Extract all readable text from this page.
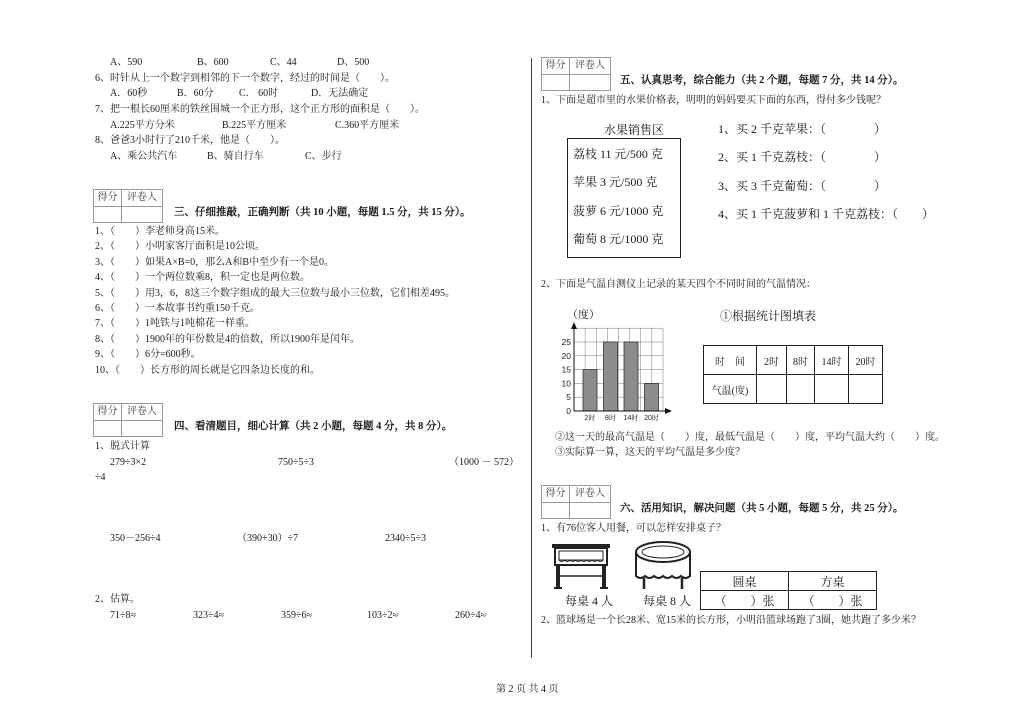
A、590	B、600	C、44	D、500
6、时针从上一个数字到相邻的下一个数字，经过的时间是（　　）。
A．60秒	B．60分	C． 60时	D．无法确定
7、把一根长60厘米的铁丝围城一个正方形，这个正方形的面积是（　　）。
A.225平方分米	B.225平方厘米	C.360平方厘米
8、爸爸3小时行了210千米，他是（　　）。
A、乘公共汽车	B、骑自行车	C、步行
得分 评卷人
三、仔细推敲，正确判断（共 10 小题，每题 1.5 分，共 15 分）。
1、（　　）李老师身高15米。
2、（　　）小明家客厅面积是10公顷。
3、（　　）如果A×B=0，那么A和B中至少有一个是0。
4、（　　）一个两位数乘8，积一定也是两位数。
5、（　　）用3，6，8这三个数字组成的最大三位数与最小三位数，它们相差495。
6、（　　）一本故事书约重150千克。
7、（　　）1吨铁与1吨棉花一样重。
8、（　　）1900年的年份数是4的倍数，所以1900年是闰年。
9、（　　）6分=600秒。
10、（　　）长方形的周长就是它四条边长度的和。
得分 评卷人
四、看清题目，细心计算（共 2 小题，每题 4 分，共 8 分）。
1、脱式计算
279÷3×2	750÷5÷3	（1000 － 572）
÷4
350－256÷4	（390+30）÷7	2340÷5÷3
2、估算。
71÷8≈	323÷4≈	359÷6≈	103÷2≈	260÷4≈
得分 评卷人
五、认真思考，综合能力（共 2 个题，每题 7 分，共 14 分）。
1、下面是超市里的水果价格表，明明的妈妈要买下面的东西，得付多少钱呢？
水果销售区
荔枝 11 元/500 克
苹果 3 元/500 克
菠萝 6 元/1000 克
葡萄 8 元/1000 克
1、买 2 千克苹果：（　　　　）
2、买 1 千克荔枝：（　　　　）
3、买 3 千克葡萄：（　　　　）
4、买 1 千克菠萝和 1 千克荔枝：（　　）
2、下面是气温自测仪上记录的某天四个不同时间的气温情况：
（度）
0
5
10
15
20
25
2时 8时 14时 20时
①根据统计图填表
时　间	2时	8时	14时	20时
气温(度)				
②这一天的最高气温是（　　）度，最低气温是（　　）度，平均气温大约（　　）度。
③实际算一算，这天的平均气温是多少度？
得分 评卷人
六、活用知识，解决问题（共 5 小题，每题 5 分，共 25 分）。
1、有76位客人用餐，可以怎样安排桌子？
每桌 4 人 每桌 8 人
圆桌	方桌
（　　）张	（　　）张
2、篮球场是一个长28米、宽15米的长方形，小明沿篮球场跑了3圈，她共跑了多少米？
第 2 页 共 4 页
